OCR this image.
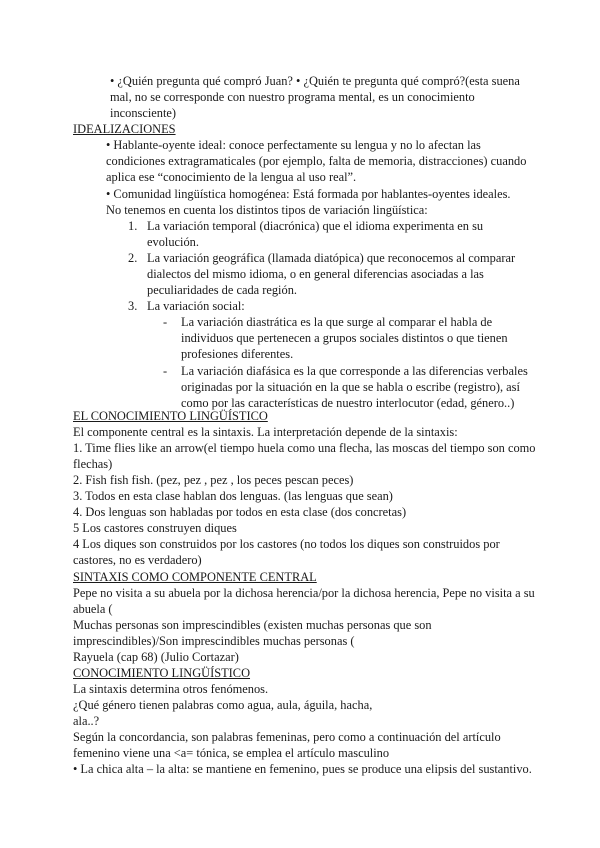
• ¿Quién pregunta qué compró Juan? • ¿Quién te pregunta qué compró?(esta suena
mal, no se corresponde con nuestro programa mental, es un conocimiento
inconsciente)
IDEALIZACIONES
• Hablante-oyente ideal: conoce perfectamente su lengua y no lo afectan las
condiciones extragramaticales (por ejemplo, falta de memoria, distracciones) cuando
aplica ese “conocimiento de la lengua al uso real”.
• Comunidad lingüística homogénea: Está formada por hablantes-oyentes ideales.
No tenemos en cuenta los distintos tipos de variación lingüística:
1. La variación temporal (diacrónica) que el idioma experimenta en su
evolución.
2. La variación geográfica (llamada diatópica) que reconocemos al comparar
dialectos del mismo idioma, o en general diferencias asociadas a las
peculiaridades de cada región.
3. La variación social:
- La variación diastrática es la que surge al comparar el habla de
individuos que pertenecen a grupos sociales distintos o que tienen
profesiones diferentes.
- La variación diafásica es la que corresponde a las diferencias verbales
originadas por la situación en la que se habla o escribe (registro), así
como por las características de nuestro interlocutor (edad, género..)
EL CONOCIMIENTO LINGÜÍSTICO
El componente central es la sintaxis. La interpretación depende de la sintaxis:
1. Time flies like an arrow(el tiempo huela como una flecha, las moscas del tiempo son como
flechas)
2. Fish fish fish. (pez, pez , pez , los peces pescan peces)
3. Todos en esta clase hablan dos lenguas. (las lenguas que sean)
4. Dos lenguas son habladas por todos en esta clase (dos concretas)
5 Los castores construyen diques
4 Los diques son construidos por los castores (no todos los diques son construidos por
castores, no es verdadero)
SINTAXIS COMO COMPONENTE CENTRAL
Pepe no visita a su abuela por la dichosa herencia/por la dichosa herencia, Pepe no visita a su
abuela (
Muchas personas son imprescindibles (existen muchas personas que son
imprescindibles)/Son imprescindibles muchas personas (
Rayuela (cap 68) (Julio Cortazar)
CONOCIMIENTO LINGÜÍSTICO
La sintaxis determina otros fenómenos.
¿Qué género tienen palabras como agua, aula, águila, hacha,
ala..?
Según la concordancia, son palabras femeninas, pero como a continuación del artículo
femenino viene una <a= tónica, se emplea el artículo masculino
• La chica alta – la alta: se mantiene en femenino, pues se produce una elipsis del sustantivo.
